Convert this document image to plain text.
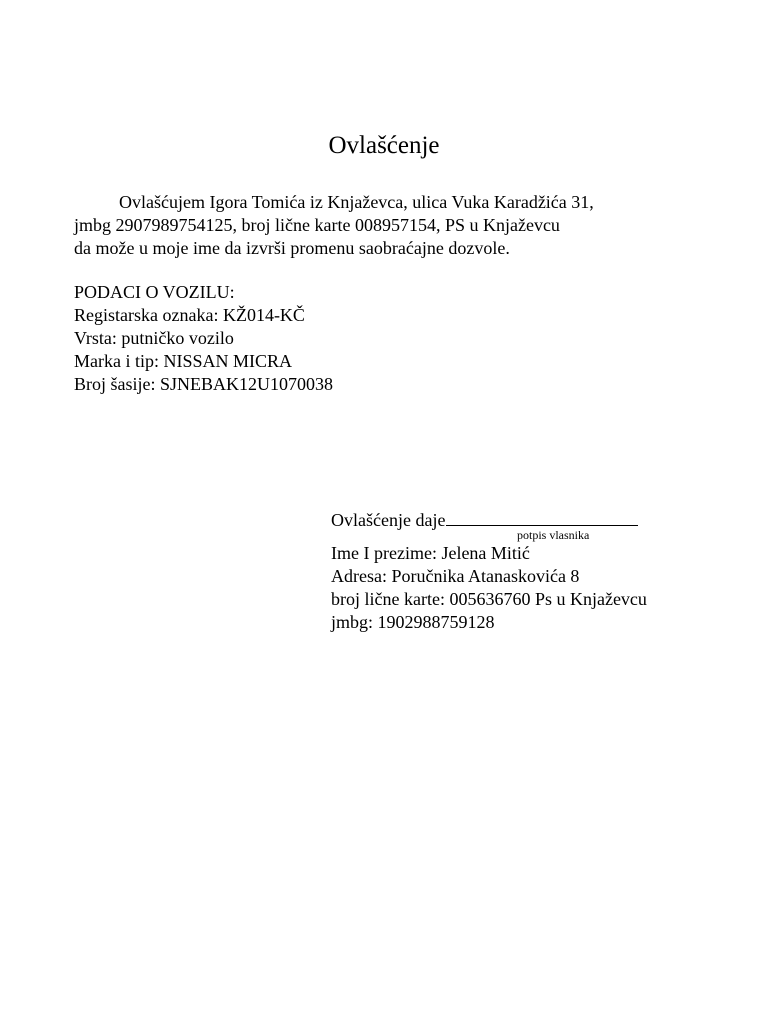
Ovlašćenje
Ovlašćujem Igora Tomića iz Knjaževca, ulica Vuka Karadžića 31,
jmbg 2907989754125, broj lične karte 008957154, PS u Knjaževcu
da može u moje ime da izvrši promenu saobraćajne dozvole.
PODACI O VOZILU:
Registarska oznaka: KŽ014-KČ
Vrsta: putničko vozilo
Marka i tip: NISSAN MICRA
Broj šasije: SJNEBAK12U1070038
Ovlašćenje daje
potpis vlasnika
Ime I prezime: Jelena Mitić
Adresa: Poručnika Atanaskovića 8
broj lične karte: 005636760 Ps u Knjaževcu
jmbg: 1902988759128
